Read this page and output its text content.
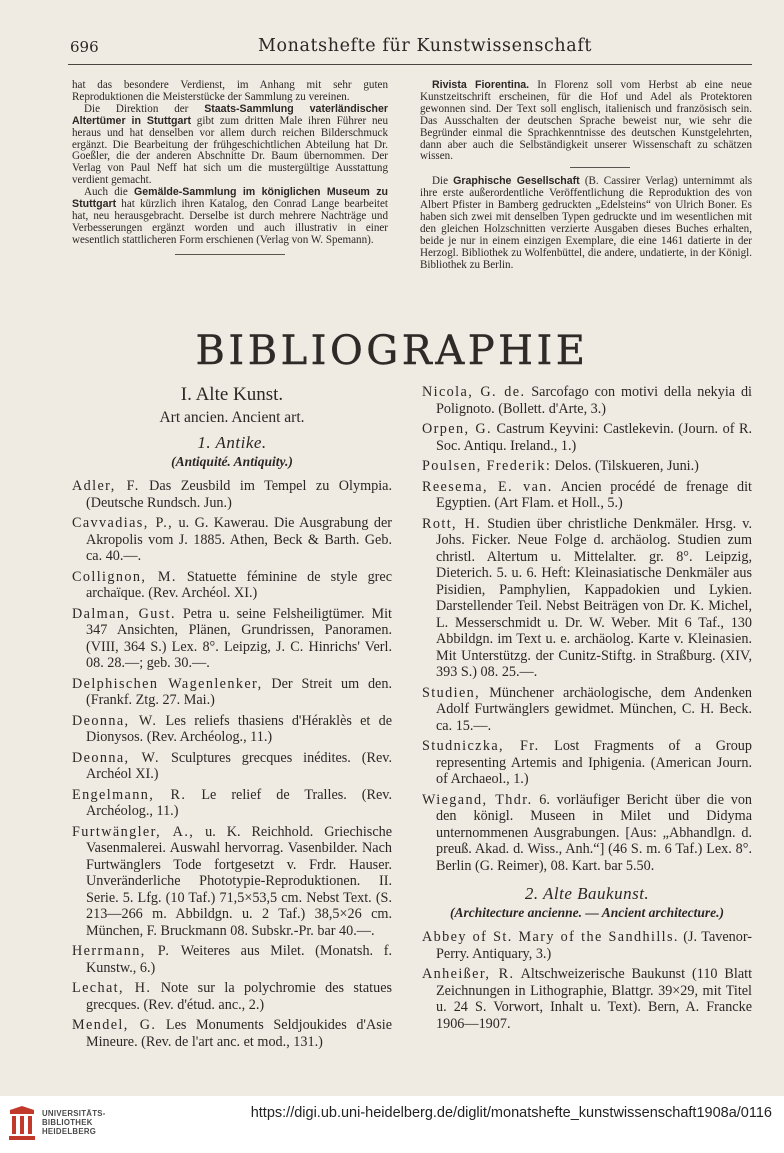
696	Monatshefte für Kunstwissenschaft

hat das besondere Verdienst, im Anhang mit sehr guten Reproduktionen die Meisterstücke der Sammlung zu vereinen.

Die Direktion der Staats-Sammlung vaterländischer Altertümer in Stuttgart gibt zum dritten Male ihren Führer neu heraus und hat denselben vor allem durch reichen Bilderschmuck ergänzt. Die Bearbeitung der frühgeschichtlichen Abteilung hat Dr. Goeßler, die der anderen Abschnitte Dr. Baum übernommen. Der Verlag von Paul Neff hat sich um die mustergültige Ausstattung verdient gemacht.

Auch die Gemälde-Sammlung im königlichen Museum zu Stuttgart hat kürzlich ihren Katalog, den Conrad Lange bearbeitet hat, neu herausgebracht. Derselbe ist durch mehrere Nachträge und Verbesserungen ergänzt worden und auch illustrativ in einer wesentlich stattlicheren Form erschienen (Verlag von W. Spemann).

Rivista Fiorentina. In Florenz soll vom Herbst ab eine neue Kunstzeitschrift erscheinen, für die Hof und Adel als Protektoren gewonnen sind. Der Text soll englisch, italienisch und französisch sein. Das Ausschalten der deutschen Sprache beweist nur, wie sehr die Begründer einmal die Sprachkenntnisse des deutschen Kunstgelehrten, dann aber auch die Selbständigkeit unserer Wissenschaft zu schätzen wissen.

Die Graphische Gesellschaft (B. Cassirer Verlag) unternimmt als ihre erste außerordentliche Veröffentlichung die Reproduktion des von Albert Pfister in Bamberg gedruckten „Edelsteins“ von Ulrich Boner. Es haben sich zwei mit denselben Typen gedruckte und im wesentlichen mit den gleichen Holzschnitten verzierte Ausgaben dieses Buches erhalten, beide je nur in einem einzigen Exemplare, die eine 1461 datierte in der Herzogl. Bibliothek zu Wolfenbüttel, die andere, undatierte, in der Königl. Bibliothek zu Berlin.

BIBLIOGRAPHIE
I. Alte Kunst.
Art ancien. Ancient art.
1. Antike.
(Antiquité. Antiquity.)
Adler, F. Das Zeusbild im Tempel zu Olympia. (Deutsche Rundsch. Jun.)
Cavvadias, P., u. G. Kawerau. Die Ausgrabung der Akropolis vom J. 1885. Athen, Beck & Barth. Geb. ca. 40.—.
Collignon, M. Statuette féminine de style grec archaïque. (Rev. Archéol. XI.)
Dalman, Gust. Petra u. seine Felsheiligtümer. Mit 347 Ansichten, Plänen, Grundrissen, Panoramen. (VIII, 364 S.) Lex. 8°. Leipzig, J. C. Hinrichs' Verl. 08. 28.—; geb. 30.—.
Delphischen Wagenlenker, Der Streit um den. (Frankf. Ztg. 27. Mai.)
Deonna, W. Les reliefs thasiens d'Héraklès et de Dionysos. (Rev. Archéolog., 11.)
Deonna, W. Sculptures grecques inédites. (Rev. Archéol XI.)
Engelmann, R. Le relief de Tralles. (Rev. Archéolog., 11.)
Furtwängler, A., u. K. Reichhold. Griechische Vasenmalerei. Auswahl hervorrag. Vasenbilder. Nach Furtwänglers Tode fortgesetzt v. Frdr. Hauser. Unveränderliche Phototypie-Reproduktionen. II. Serie. 5. Lfg. (10 Taf.) 71,5×53,5 cm. Nebst Text. (S. 213—266 m. Abbildgn. u. 2 Taf.) 38,5×26 cm. München, F. Bruckmann 08. Subskr.-Pr. bar 40.—.
Herrmann, P. Weiteres aus Milet. (Monatsh. f. Kunstw., 6.)
Lechat, H. Note sur la polychromie des statues grecques. (Rev. d'étud. anc., 2.)
Mendel, G. Les Monuments Seldjoukides d'Asie Mineure. (Rev. de l'art anc. et mod., 131.)
Nicola, G. de. Sarcofago con motivi della nekyia di Polignoto. (Bollett. d'Arte, 3.)
Orpen, G. Castrum Keyvini: Castlekevin. (Journ. of R. Soc. Antiqu. Ireland., 1.)
Poulsen, Frederik: Delos. (Tilskueren, Juni.)
Reesema, E. van. Ancien procédé de frenage dit Egyptien. (Art Flam. et Holl., 5.)
Rott, H. Studien über christliche Denkmäler. Hrsg. v. Johs. Ficker. Neue Folge d. archäolog. Studien zum christl. Altertum u. Mittelalter. gr. 8°. Leipzig, Dieterich. 5. u. 6. Heft: Kleinasiatische Denkmäler aus Pisidien, Pamphylien, Kappadokien und Lykien. Darstellender Teil. Nebst Beiträgen von Dr. K. Michel, L. Messerschmidt u. Dr. W. Weber. Mit 6 Taf., 130 Abbildgn. im Text u. e. archäolog. Karte v. Kleinasien. Mit Unterstützg. der Cunitz-Stiftg. in Straßburg. (XIV, 393 S.) 08. 25.—.
Studien, Münchener archäologische, dem Andenken Adolf Furtwänglers gewidmet. München, C. H. Beck. ca. 15.—.
Studniczka, Fr. Lost Fragments of a Group representing Artemis and Iphigenia. (American Journ. of Archaeol., 1.)
Wiegand, Thdr. 6. vorläufiger Bericht über die von den königl. Museen in Milet und Didyma unternommenen Ausgrabungen. [Aus: „Abhandlgn. d. preuß. Akad. d. Wiss., Anh.“] (46 S. m. 6 Taf.) Lex. 8°. Berlin (G. Reimer), 08. Kart. bar 5.50.
2. Alte Baukunst.
(Architecture ancienne. — Ancient architecture.)
Abbey of St. Mary of the Sandhills. (J. Tavenor-Perry. Antiquary, 3.)
Anheißer, R. Altschweizerische Baukunst (110 Blatt Zeichnungen in Lithographie, Blattgr. 39×29, mit Titel u. 24 S. Vorwort, Inhalt u. Text). Bern, A. Francke 1906—1907.
UNIVERSITÄTS-
BIBLIOTHEK
HEIDELBERG
https://digi.ub.uni-heidelberg.de/diglit/monatshefte_kunstwissenschaft1908a/0116
